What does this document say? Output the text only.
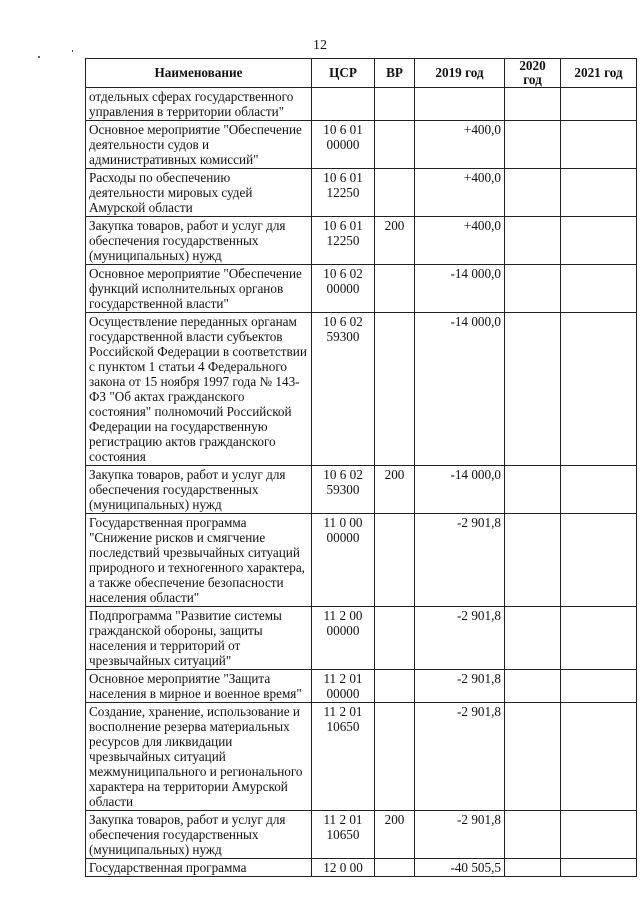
12
Наименование	ЦСР	ВР	2019 год	2020 год	2021 год
отдельных сферах государственного управления в территории области"					
Основное мероприятие "Обеспечение деятельности судов и административных комиссий"	10 6 01 00000		+400,0		
Расходы по обеспечению деятельности мировых судей Амурской области	10 6 01 12250		+400,0		
Закупка товаров, работ и услуг для обеспечения государственных (муниципальных) нужд	10 6 01 12250	200	+400,0		
Основное мероприятие "Обеспечение функций исполнительных органов государственной власти"	10 6 02 00000		-14 000,0		
Осуществление переданных органам государственной власти субъектов Российской Федерации в соответствии с пунктом 1 статьи 4 Федерального закона от 15 ноября 1997 года № 143-ФЗ "Об актах гражданского состояния" полномочий Российской Федерации на государственную регистрацию актов гражданского состояния	10 6 02 59300		-14 000,0		
Закупка товаров, работ и услуг для обеспечения государственных (муниципальных) нужд	10 6 02 59300	200	-14 000,0		
Государственная программа "Снижение рисков и смягчение последствий чрезвычайных ситуаций природного и техногенного характера, а также обеспечение безопасности населения области"	11 0 00 00000		-2 901,8		
Подпрограмма "Развитие системы гражданской обороны, защиты населения и территорий от чрезвычайных ситуаций"	11 2 00 00000		-2 901,8		
Основное мероприятие "Защита населения в мирное и военное время"	11 2 01 00000		-2 901,8		
Создание, хранение, использование и восполнение резерва материальных ресурсов для ликвидации чрезвычайных ситуаций межмуниципального и регионального характера на территории Амурской области	11 2 01 10650		-2 901,8		
Закупка товаров, работ и услуг для обеспечения государственных (муниципальных) нужд	11 2 01 10650	200	-2 901,8		
Государственная программа	12 0 00		-40 505,5		
